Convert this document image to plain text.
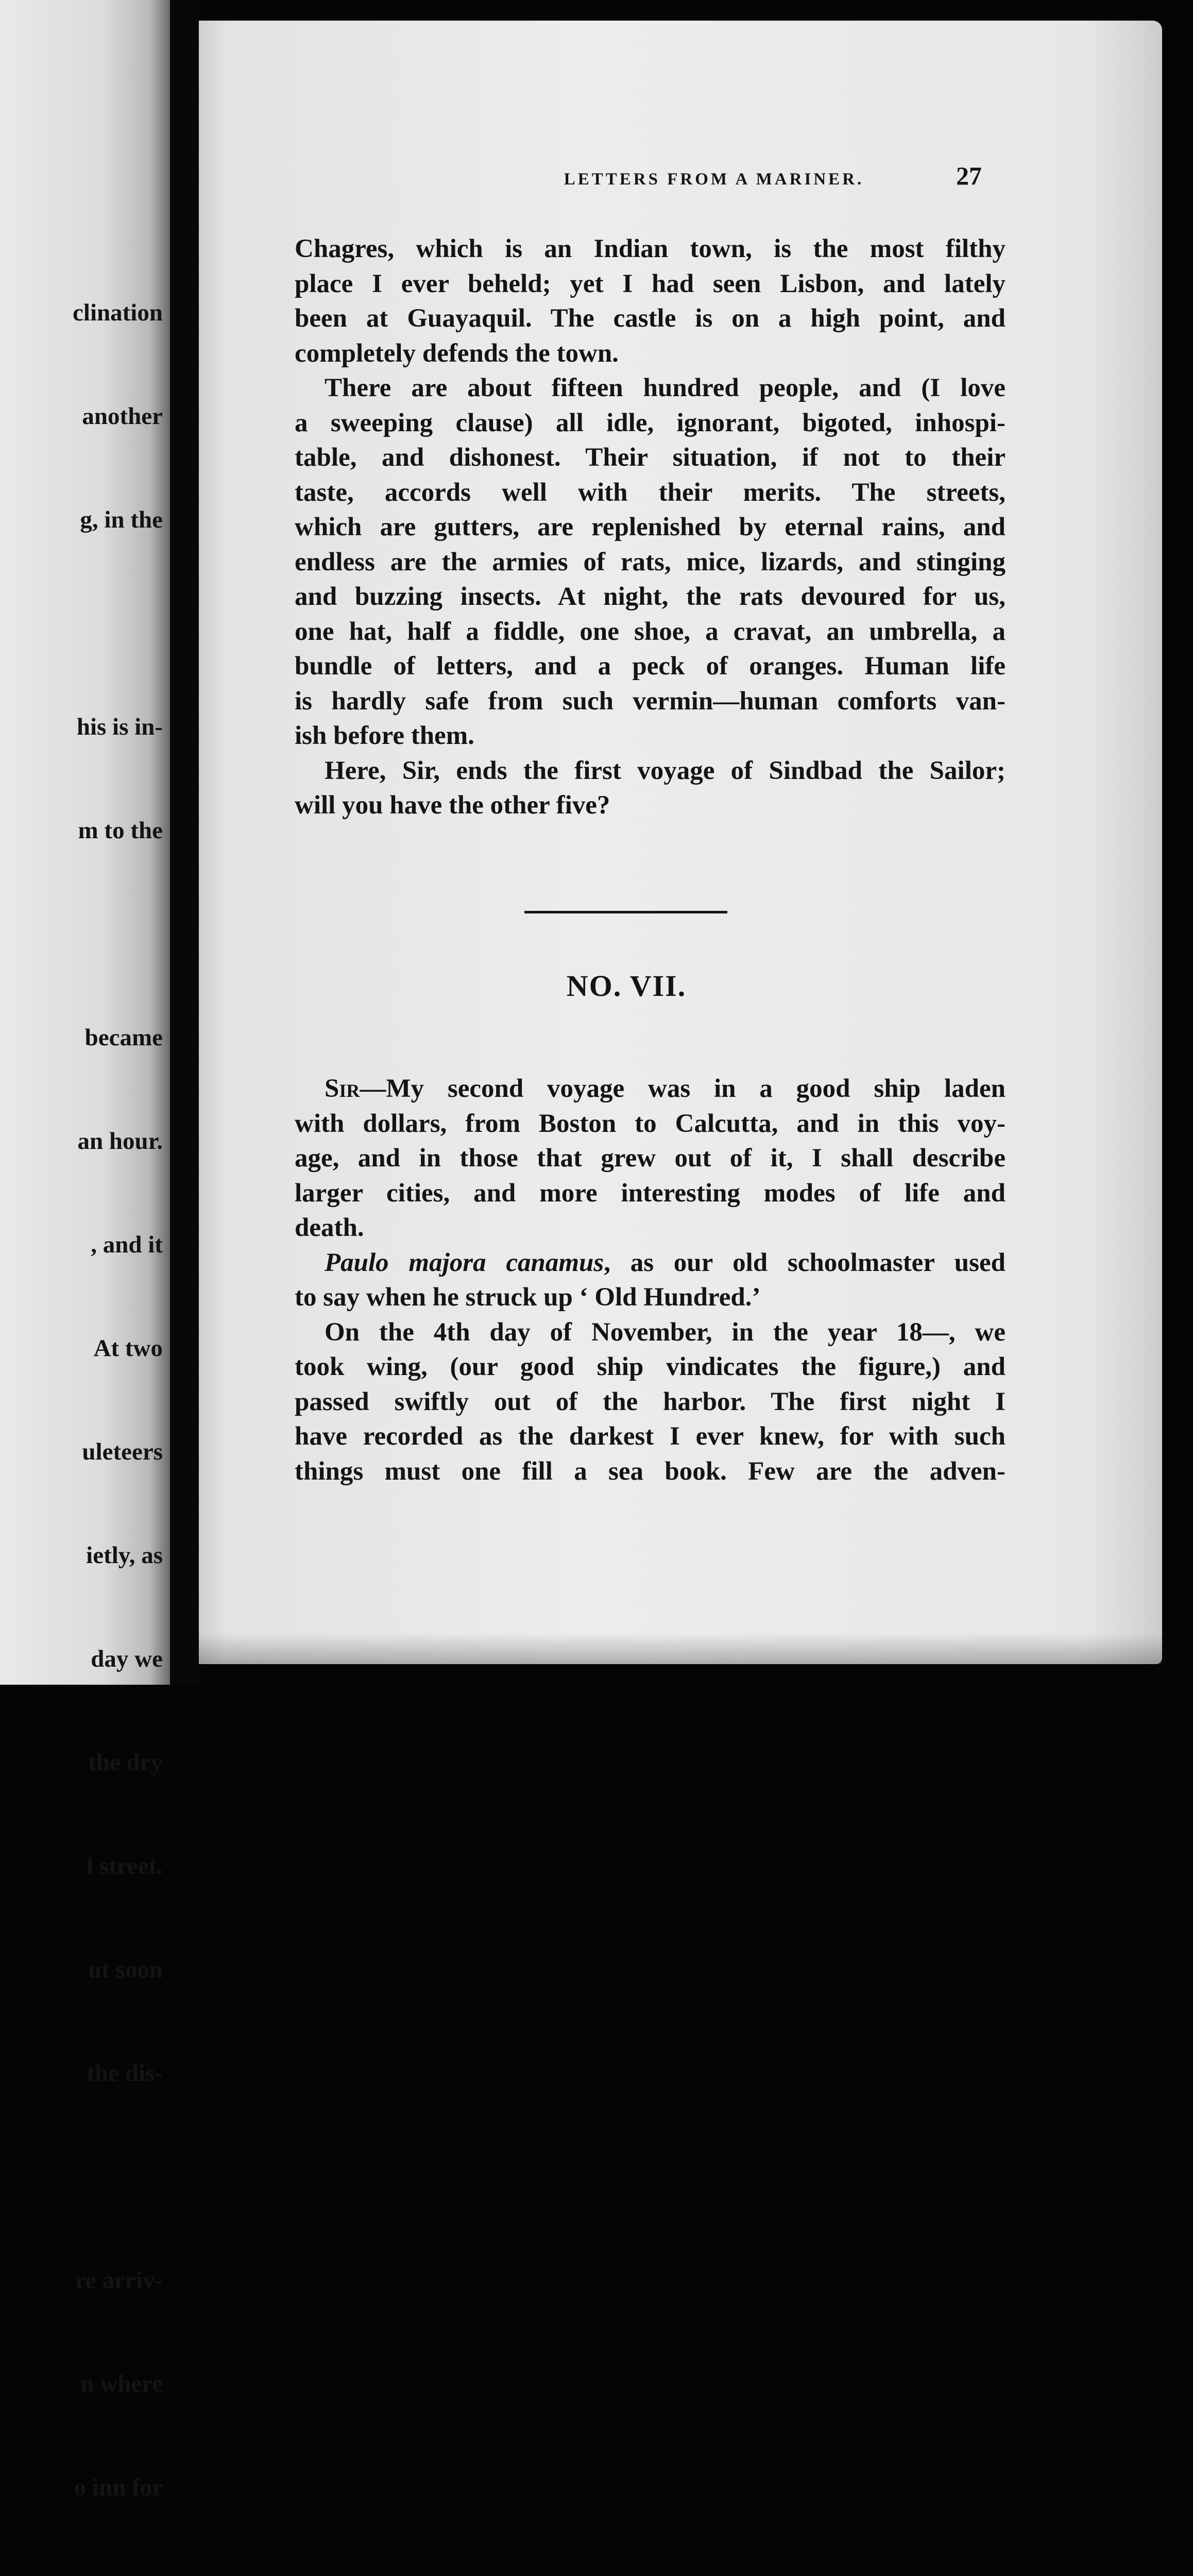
clination

another

g, in the

his is in-

m to the

became

an hour.

, and it

At two

uleteers

ietly, as

day we

the dry

l street.

ut soon

the dis-

re arriv-

n where

o inn for

LETTERS FROM A MARINER.	27
Chagres, which is an Indian town, is the most filthy
place I ever beheld; yet I had seen Lisbon, and lately
been at Guayaquil. The castle is on a high point, and
completely defends the town.
There are about fifteen hundred people, and (I love
a sweeping clause) all idle, ignorant, bigoted, inhospi-
table, and dishonest. Their situation, if not to their
taste, accords well with their merits. The streets,
which are gutters, are replenished by eternal rains, and
endless are the armies of rats, mice, lizards, and stinging
and buzzing insects. At night, the rats devoured for us,
one hat, half a fiddle, one shoe, a cravat, an umbrella, a
bundle of letters, and a peck of oranges. Human life
is hardly safe from such vermin—human comforts van-
ish before them.
Here, Sir, ends the first voyage of Sindbad the Sailor;
will you have the other five?
NO. VII.
Sir—My second voyage was in a good ship laden
with dollars, from Boston to Calcutta, and in this voy-
age, and in those that grew out of it, I shall describe
larger cities, and more interesting modes of life and
death.
Paulo majora canamus, as our old schoolmaster used
to say when he struck up ‘ Old Hundred.’
On the 4th day of November, in the year 18—, we
took wing, (our good ship vindicates the figure,) and
passed swiftly out of the harbor. The first night I
have recorded as the darkest I ever knew, for with such
things must one fill a sea book. Few are the adven-
